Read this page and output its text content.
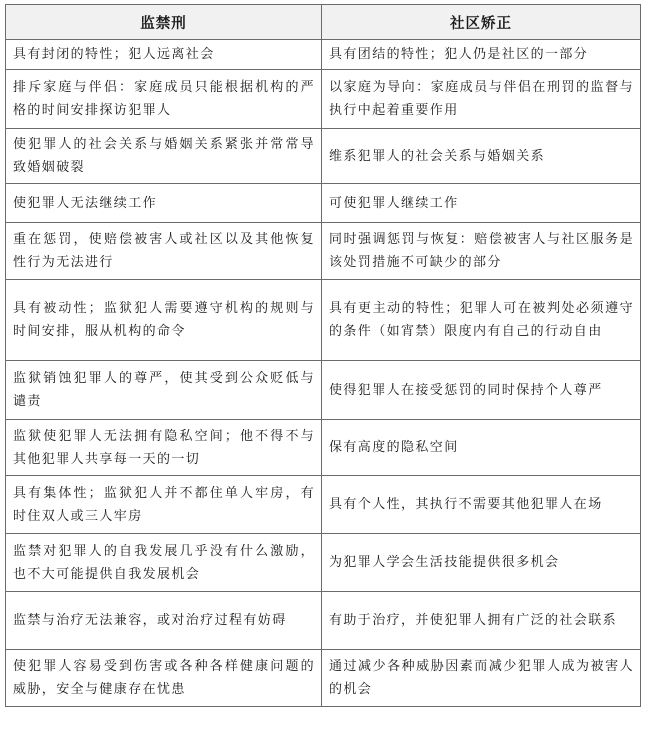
监禁刑	社区矫正
具有封闭的特性；犯人远离社会	具有团结的特性；犯人仍是社区的一部分
排斥家庭与伴侣：家庭成员只能根据机构的严格的时间安排探访犯罪人	以家庭为导向：家庭成员与伴侣在刑罚的监督与执行中起着重要作用
使犯罪人的社会关系与婚姻关系紧张并常常导致婚姻破裂	维系犯罪人的社会关系与婚姻关系
使犯罪人无法继续工作	可使犯罪人继续工作
重在惩罚，使赔偿被害人或社区以及其他恢复性行为无法进行	同时强调惩罚与恢复：赔偿被害人与社区服务是该处罚措施不可缺少的部分
具有被动性；监狱犯人需要遵守机构的规则与时间安排，服从机构的命令	具有更主动的特性；犯罪人可在被判处必须遵守的条件（如宵禁）限度内有自己的行动自由
监狱销蚀犯罪人的尊严，使其受到公众贬低与谴责	使得犯罪人在接受惩罚的同时保持个人尊严
监狱使犯罪人无法拥有隐私空间；他不得不与其他犯罪人共享每一天的一切	保有高度的隐私空间
具有集体性；监狱犯人并不都住单人牢房，有时住双人或三人牢房	具有个人性，其执行不需要其他犯罪人在场
监禁对犯罪人的自我发展几乎没有什么激励，也不大可能提供自我发展机会	为犯罪人学会生活技能提供很多机会
监禁与治疗无法兼容，或对治疗过程有妨碍	有助于治疗，并使犯罪人拥有广泛的社会联系
使犯罪人容易受到伤害或各种各样健康问题的威胁，安全与健康存在忧患	通过减少各种威胁因素而减少犯罪人成为被害人的机会
